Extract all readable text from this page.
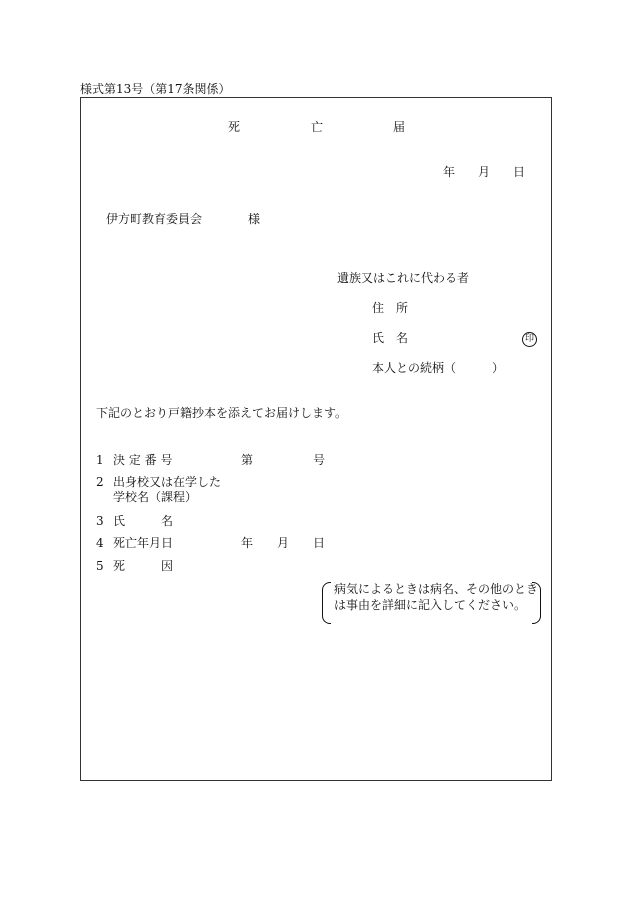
様式第13号（第17条関係）
死	亡	届
年 月 日
伊方町教育委員会	様
遺族又はこれに代わる者
住　所
氏　名	印
本人との続柄（　　　）
下記のとおり戸籍抄本を添えてお届けします。
1 決 定 番 号	第	号
2 出身校又は在学した
学校名（課程）
3 氏　　　名
4 死亡年月日	年 月 日
5 死　　　因
病気によるときは病名、その他のとき
は事由を詳細に記入してください。
